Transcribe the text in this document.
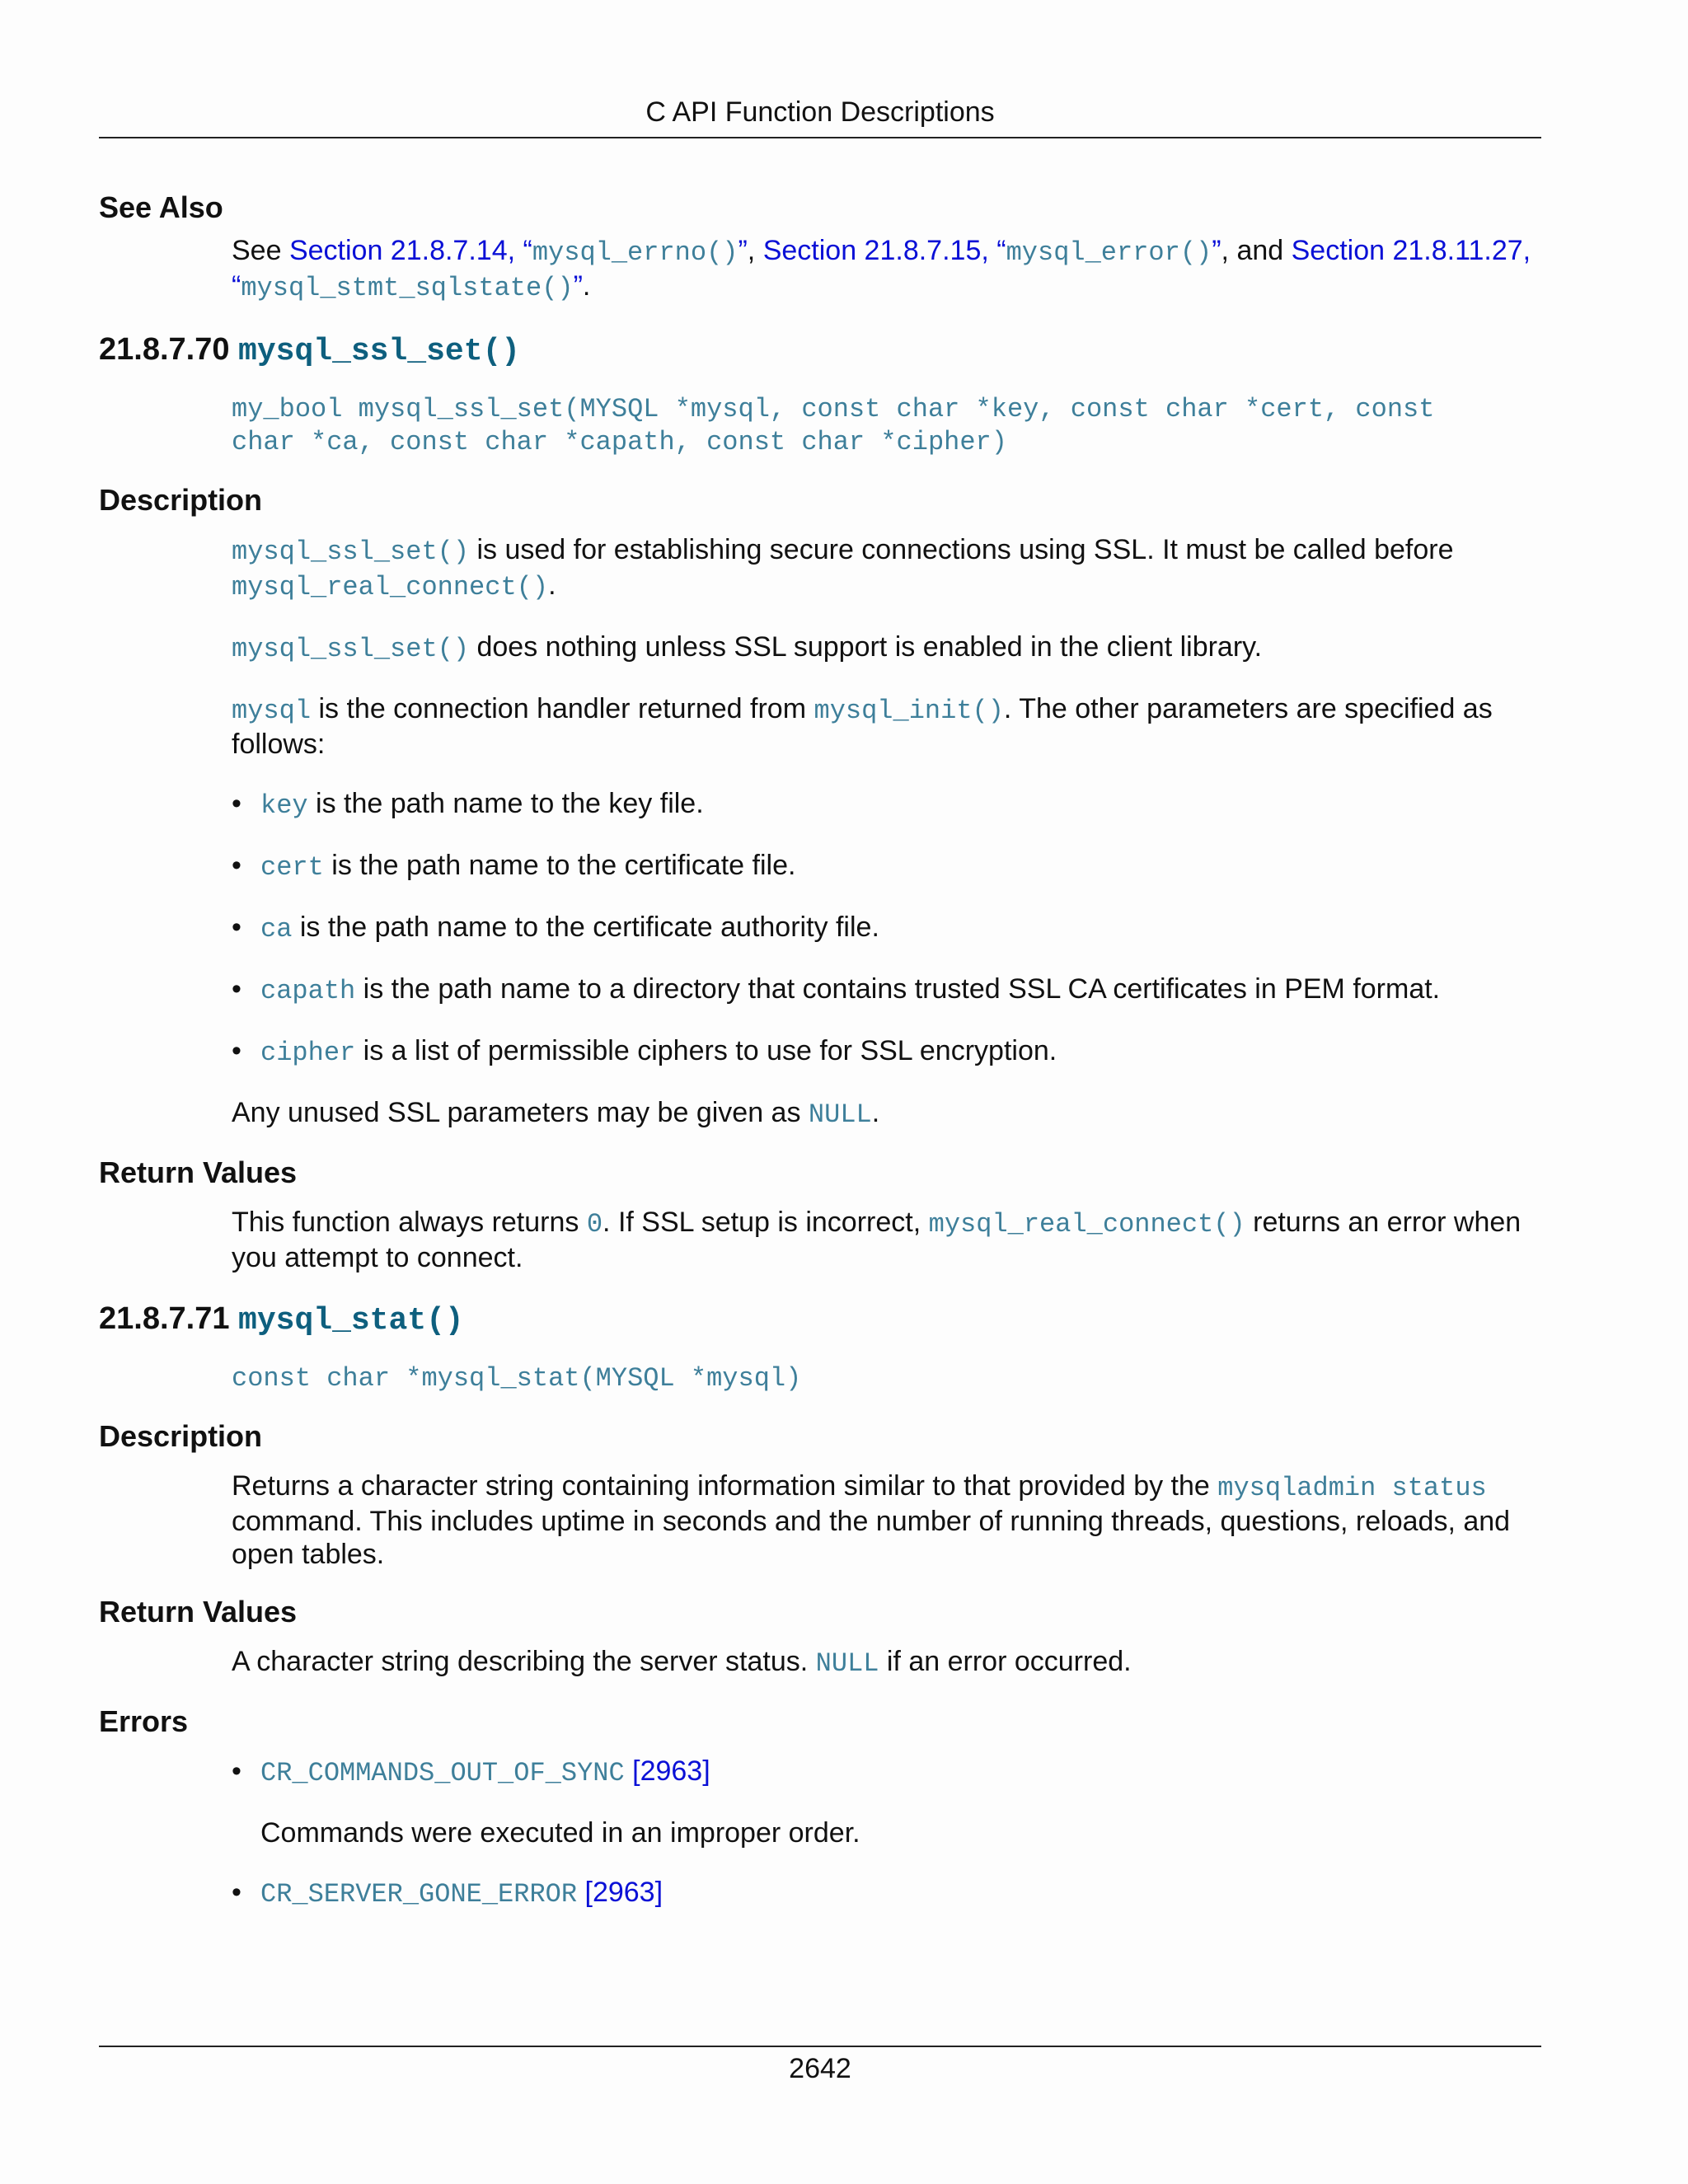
C API Function Descriptions
See Also

See Section 21.8.7.14, “mysql_errno()”, Section 21.8.7.15, “mysql_error()”, and Section 21.8.11.27,
“mysql_stmt_sqlstate()”.

21.8.7.70 mysql_ssl_set()

my_bool mysql_ssl_set(MYSQL *mysql, const char *key, const char *cert, const
char *ca, const char *capath, const char *cipher)

Description

mysql_ssl_set() is used for establishing secure connections using SSL. It must be called before
mysql_real_connect().

mysql_ssl_set() does nothing unless SSL support is enabled in the client library.

mysql is the connection handler returned from mysql_init(). The other parameters are specified as
follows:

• key is the path name to the key file.
• cert is the path name to the certificate file.
• ca is the path name to the certificate authority file.
• capath is the path name to a directory that contains trusted SSL CA certificates in PEM format.
• cipher is a list of permissible ciphers to use for SSL encryption.

Any unused SSL parameters may be given as NULL.

Return Values

This function always returns 0. If SSL setup is incorrect, mysql_real_connect() returns an error when
you attempt to connect.

21.8.7.71 mysql_stat()

const char *mysql_stat(MYSQL *mysql)

Description

Returns a character string containing information similar to that provided by the mysqladmin status
command. This includes uptime in seconds and the number of running threads, questions, reloads, and
open tables.

Return Values

A character string describing the server status. NULL if an error occurred.

Errors
• CR_COMMANDS_OUT_OF_SYNC [2963]
Commands were executed in an improper order.
• CR_SERVER_GONE_ERROR [2963]
2642
